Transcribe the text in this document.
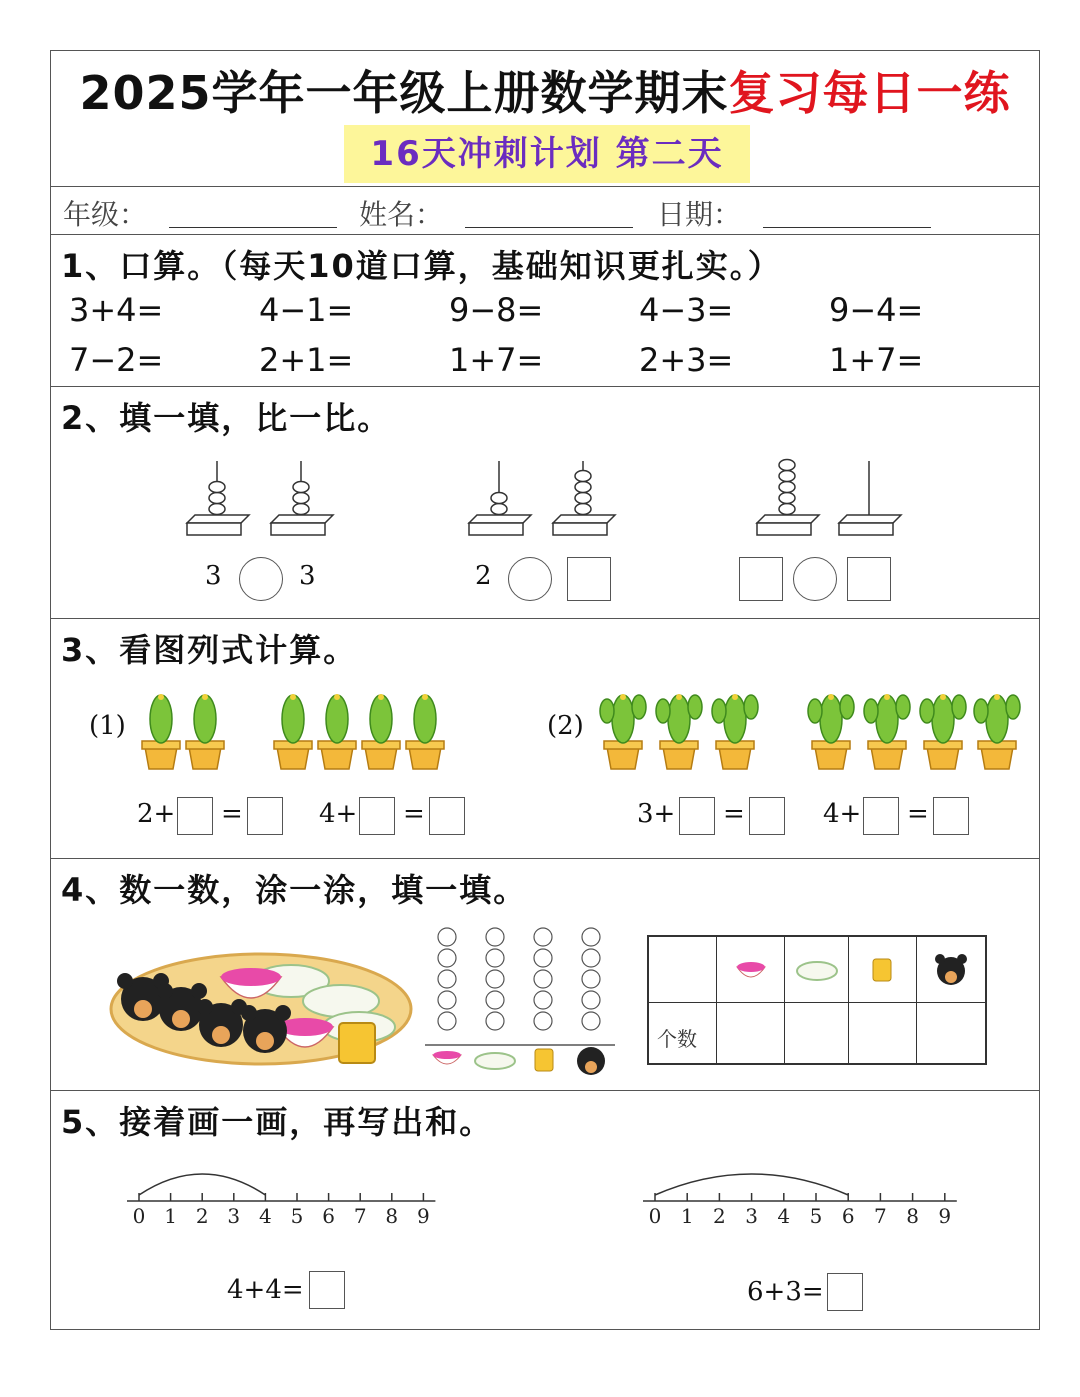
2025学年一年级上册数学期末复习每日一练
16天冲刺计划 第二天
年级：	姓名：	日期：
1、口算。（每天10道口算，基础知识更扎实。）
3+4=	4−1=	9−8=	4−3=	9−4=
7−2=	2+1=	1+7=	2+3=	1+7=
2、填一填，比一比。
3	3	2
3、看图列式计算。
(1)	(2)
2+ =	4+ =	3+ =	4+ =
4、数一数，涂一涂，填一填。
个数
5、接着画一画，再写出和。
0 1 2 3 4 5 6 7 8 9	0 1 2 3 4 5 6 7 8 9
4+4=	6+3=
